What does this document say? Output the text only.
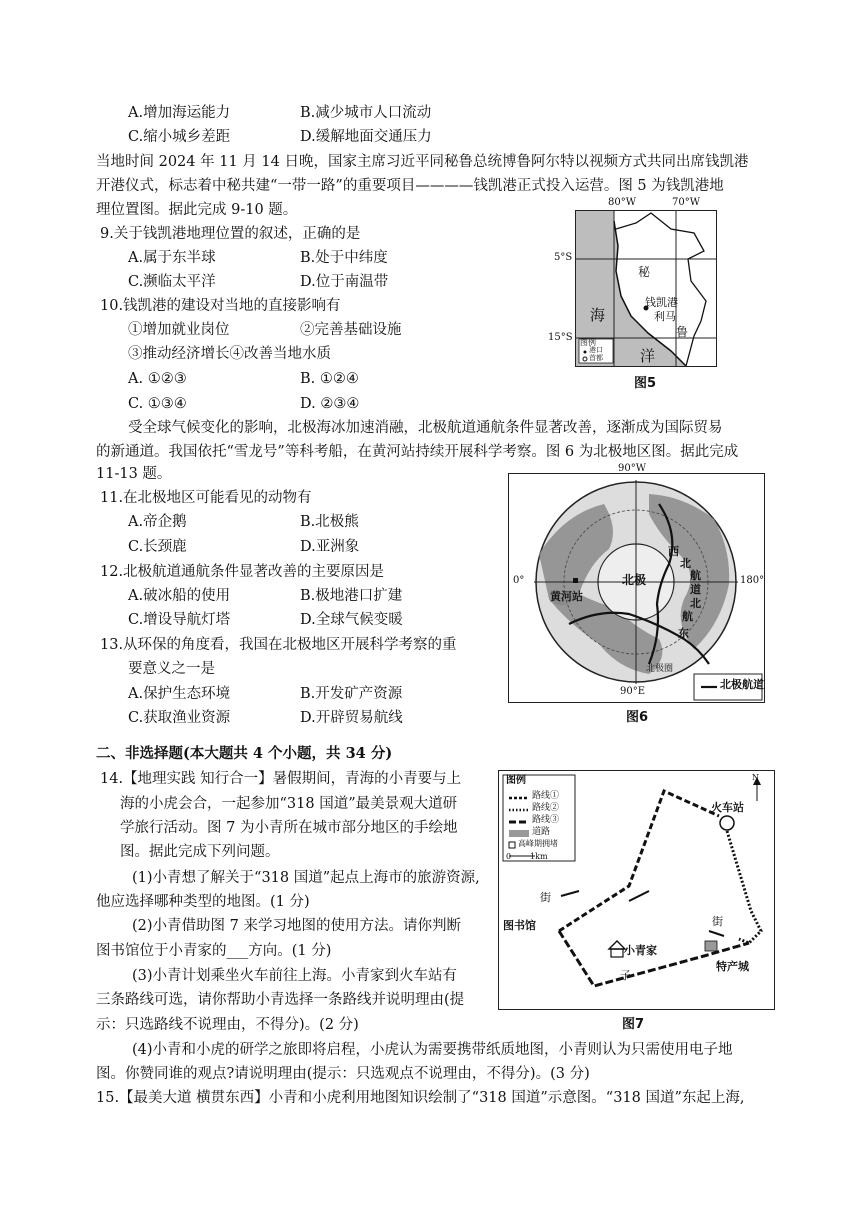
A.增加海运能力	B.减少城市人口流动
C.缩小城乡差距	D.缓解地面交通压力
当地时间 2024 年 11 月 14 日晚，国家主席习近平同秘鲁总统博鲁阿尔特以视频方式共同出席钱凯港
开港仪式，标志着中秘共建“一带一路”的重要项目————钱凯港正式投入运营。图 5 为钱凯港地
理位置图。据此完成 9-10 题。
9.关于钱凯港地理位置的叙述，正确的是
A.属于东半球	B.处于中纬度
C.濒临太平洋	D.位于南温带
10.钱凯港的建设对当地的直接影响有
①增加就业岗位	②完善基础设施
③推动经济增长④改善当地水质
A. ①②③	B. ①②④
C. ①③④	D. ②③④
80°W	70°W
5°S
15°S
秘
鲁
钱凯港
利马
海
洋
图例
港口
首都
图5
受全球气候变化的影响，北极海冰加速消融，北极航道通航条件显著改善，逐渐成为国际贸易
的新通道。我国依托“雪龙号”等科考船，在黄河站持续开展科学考察。图 6 为北极地区图。据此完成
11-13 题。
11.在北极地区可能看见的动物有
A.帝企鹅	B.北极熊
C.长颈鹿	D.亚洲象
12.北极航道通航条件显著改善的主要原因是
A.破冰船的使用	B.极地港口扩建
C.增设导航灯塔	D.全球气候变暖
13.从环保的角度看，我国在北极地区开展科学考察的重
要意义之一是
A.保护生态环境	B.开发矿产资源
C.获取渔业资源	D.开辟贸易航线
90°W
90°E
0°	180°
北极
黄河站
西
北
航
道
北
航
东
北极圈
北极航道
图6
二、非选择题(本大题共 4 个小题，共 34 分)
14.【地理实践 知行合一】暑假期间，青海的小青要与上
海的小虎会合，一起参加“318 国道”最美景观大道研
学旅行活动。图 7 为小青所在城市部分地区的手绘地
图。据此完成下列问题。
(1)小青想了解关于“318 国道”起点上海市的旅游资源,
他应选择哪种类型的地图。(1 分)
(2)小青借助图 7 来学习地图的使用方法。请你判断
图书馆位于小青家的___方向。(1 分)
(3)小青计划乘坐火车前往上海。小青家到火车站有
三条路线可选，请你帮助小青选择一条路线并说明理由(提
示：只选路线不说理由，不得分)。(2 分)
(4)小青和小虎的研学之旅即将启程，小虎认为需要携带纸质地图，小青则认为只需使用电子地
图。你赞同谁的观点?请说明理由(提示：只选观点不说理由，不得分)。(3 分)
图例
路线①
路线②
路线③
道路
高峰期拥堵
0 1km
N
火车站
图书馆
小青家
特产城
街
街
子
图7
15.【最美大道 横贯东西】小青和小虎利用地图知识绘制了“318 国道”示意图。“318 国道”东起上海,
